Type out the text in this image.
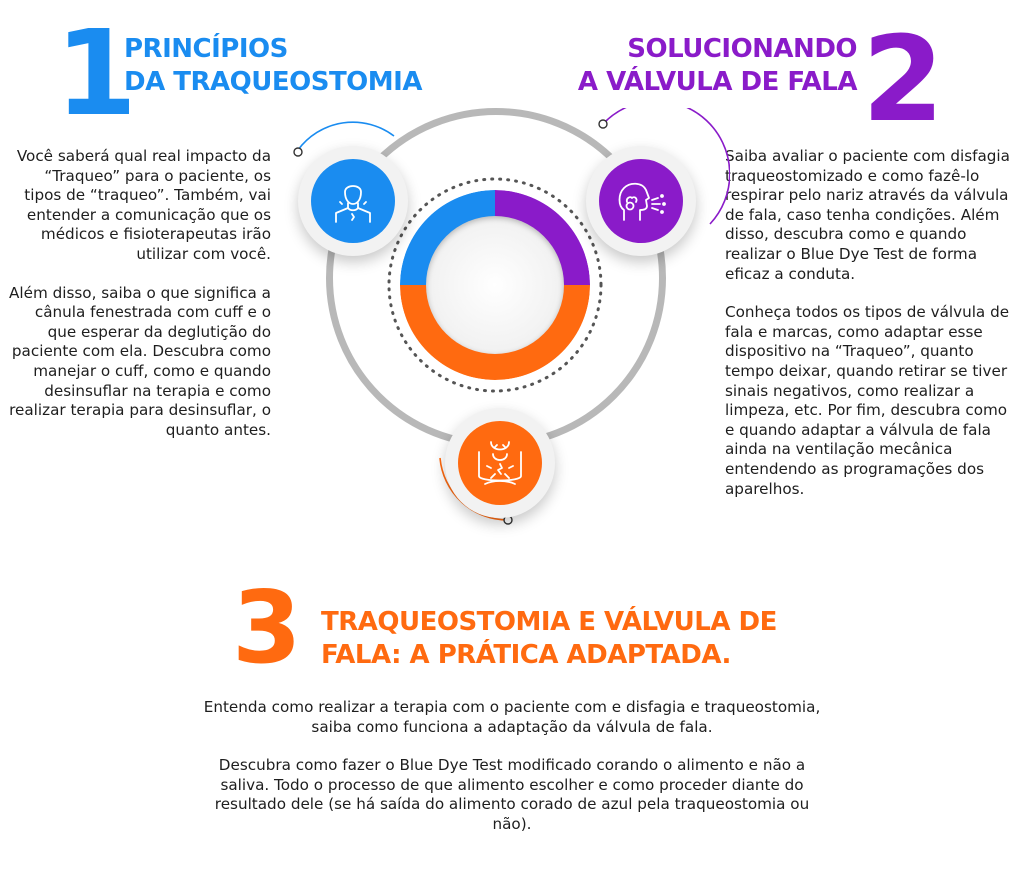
1
PRINCÍPIOS
DA TRAQUEOSTOMIA
SOLUCIONANDO
A VÁLVULA DE FALA 2

Você saberá qual real impacto da “Traqueo” para o paciente, os tipos de “traqueo”. Também, vai entender a comunicação que os médicos e fisioterapeutas irão utilizar com você.

Além disso, saiba o que significa a cânula fenestrada com cuff e o que esperar da deglutição do paciente com ela. Descubra como manejar o cuff, como e quando desinsuflar na terapia e como realizar terapia para desinsuflar, o quanto antes.

Saiba avaliar o paciente com disfagia traqueostomizado e como fazê-lo respirar pelo nariz através da válvula de fala, caso tenha condições. Além disso, descubra como e quando realizar o Blue Dye Test de forma eficaz a conduta.

Conheça todos os tipos de válvula de fala e marcas, como adaptar esse dispositivo na “Traqueo”, quanto tempo deixar, quando retirar se tiver sinais negativos, como realizar a limpeza, etc. Por fim, descubra como e quando adaptar a válvula de fala ainda na ventilação mecânica entendendo as programações dos aparelhos.

3 TRAQUEOSTOMIA E VÁLVULA DE
FALA: A PRÁTICA ADAPTADA.

Entenda como realizar a terapia com o paciente com e disfagia e traqueostomia, saiba como funciona a adaptação da válvula de fala.

Descubra como fazer o Blue Dye Test modificado corando o alimento e não a saliva. Todo o processo de que alimento escolher e como proceder diante do resultado dele (se há saída do alimento corado de azul pela traqueostomia ou não).
